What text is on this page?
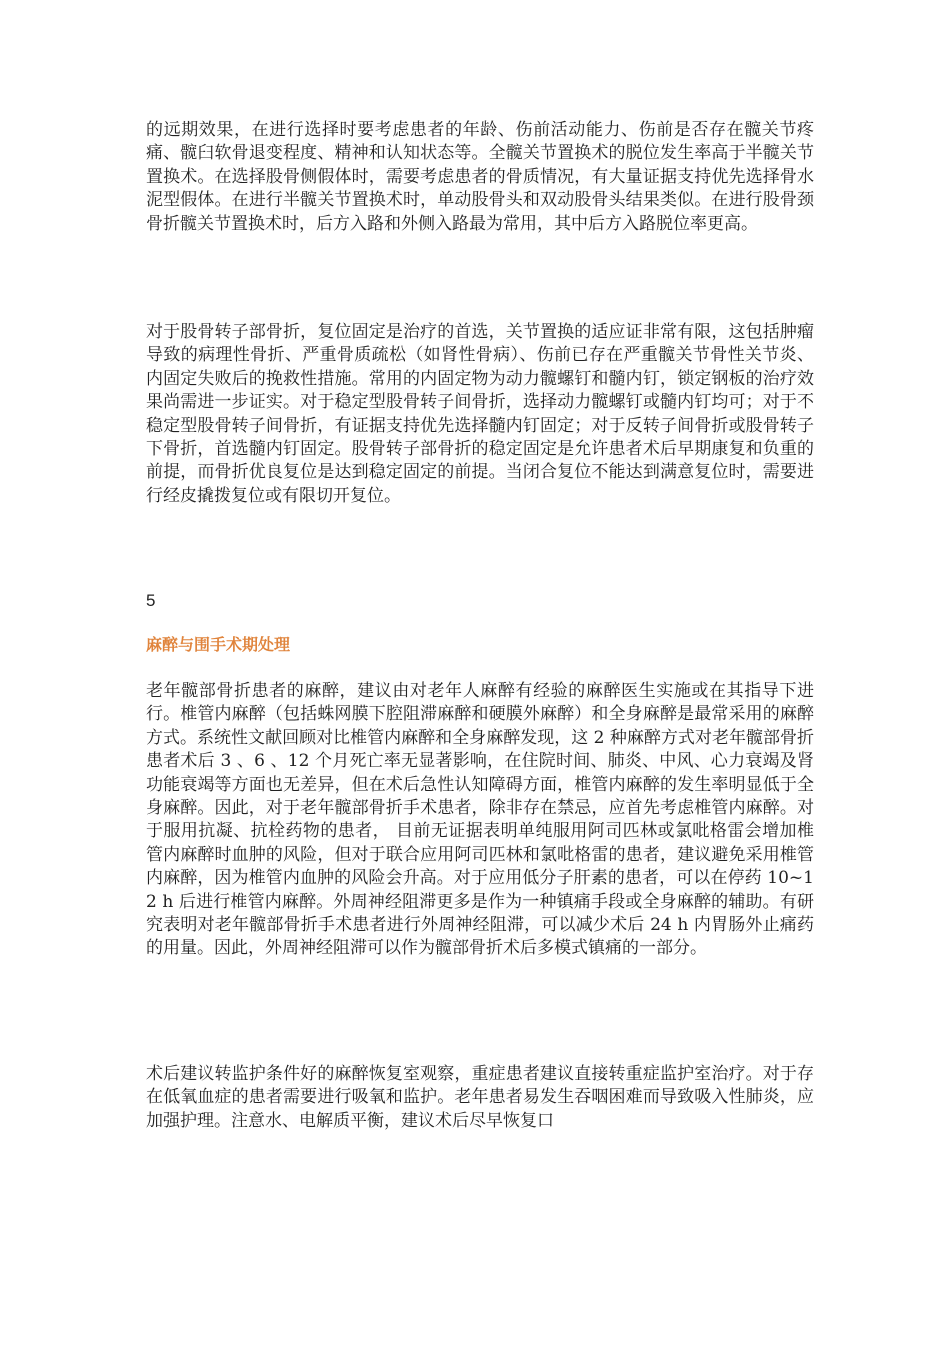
的远期效果，在进行选择时要考虑患者的年龄、伤前活动能力、伤前是否存在髋关节疼痛、髋臼软骨退变程度、精神和认知状态等。全髋关节置换术的脱位发生率高于半髋关节置换术。在选择股骨侧假体时，需要考虑患者的骨质情况，有大量证据支持优先选择骨水泥型假体。在进行半髋关节置换术时，单动股骨头和双动股骨头结果类似。在进行股骨颈骨折髋关节置换术时，后方入路和外侧入路最为常用，其中后方入路脱位率更高。

对于股骨转子部骨折，复位固定是治疗的首选，关节置换的适应证非常有限，这包括肿瘤导致的病理性骨折、严重骨质疏松（如肾性骨病）、伤前已存在严重髋关节骨性关节炎、内固定失败后的挽救性措施。常用的内固定物为动力髋螺钉和髓内钉，锁定钢板的治疗效果尚需进一步证实。对于稳定型股骨转子间骨折，选择动力髋螺钉或髓内钉均可；对于不稳定型股骨转子间骨折，有证据支持优先选择髓内钉固定；对于反转子间骨折或股骨转子下骨折，首选髓内钉固定。股骨转子部骨折的稳定固定是允许患者术后早期康复和负重的前提，而骨折优良复位是达到稳定固定的前提。当闭合复位不能达到满意复位时，需要进行经皮撬拨复位或有限切开复位。

5

麻醉与围手术期处理

老年髋部骨折患者的麻醉，建议由对老年人麻醉有经验的麻醉医生实施或在其指导下进行。椎管内麻醉（包括蛛网膜下腔阻滞麻醉和硬膜外麻醉）和全身麻醉是最常采用的麻醉方式。系统性文献回顾对比椎管内麻醉和全身麻醉发现，这 2 种麻醉方式对老年髋部骨折患者术后 3 、6 、12 个月死亡率无显著影响，在住院时间、肺炎、中风、心力衰竭及肾功能衰竭等方面也无差异，但在术后急性认知障碍方面，椎管内麻醉的发生率明显低于全身麻醉。因此，对于老年髋部骨折手术患者，除非存在禁忌，应首先考虑椎管内麻醉。对于服用抗凝、抗栓药物的患者， 目前无证据表明单纯服用阿司匹林或氯吡格雷会增加椎管内麻醉时血肿的风险，但对于联合应用阿司匹林和氯吡格雷的患者，建议避免采用椎管内麻醉，因为椎管内血肿的风险会升高。对于应用低分子肝素的患者，可以在停药 10~12 h 后进行椎管内麻醉。外周神经阻滞更多是作为一种镇痛手段或全身麻醉的辅助。有研究表明对老年髋部骨折手术患者进行外周神经阻滞，可以减少术后 24 h 内胃肠外止痛药的用量。因此，外周神经阻滞可以作为髋部骨折术后多模式镇痛的一部分。

术后建议转监护条件好的麻醉恢复室观察，重症患者建议直接转重症监护室治疗。对于存在低氧血症的患者需要进行吸氧和监护。老年患者易发生吞咽困难而导致吸入性肺炎，应加强护理。注意水、电解质平衡，建议术后尽早恢复口
